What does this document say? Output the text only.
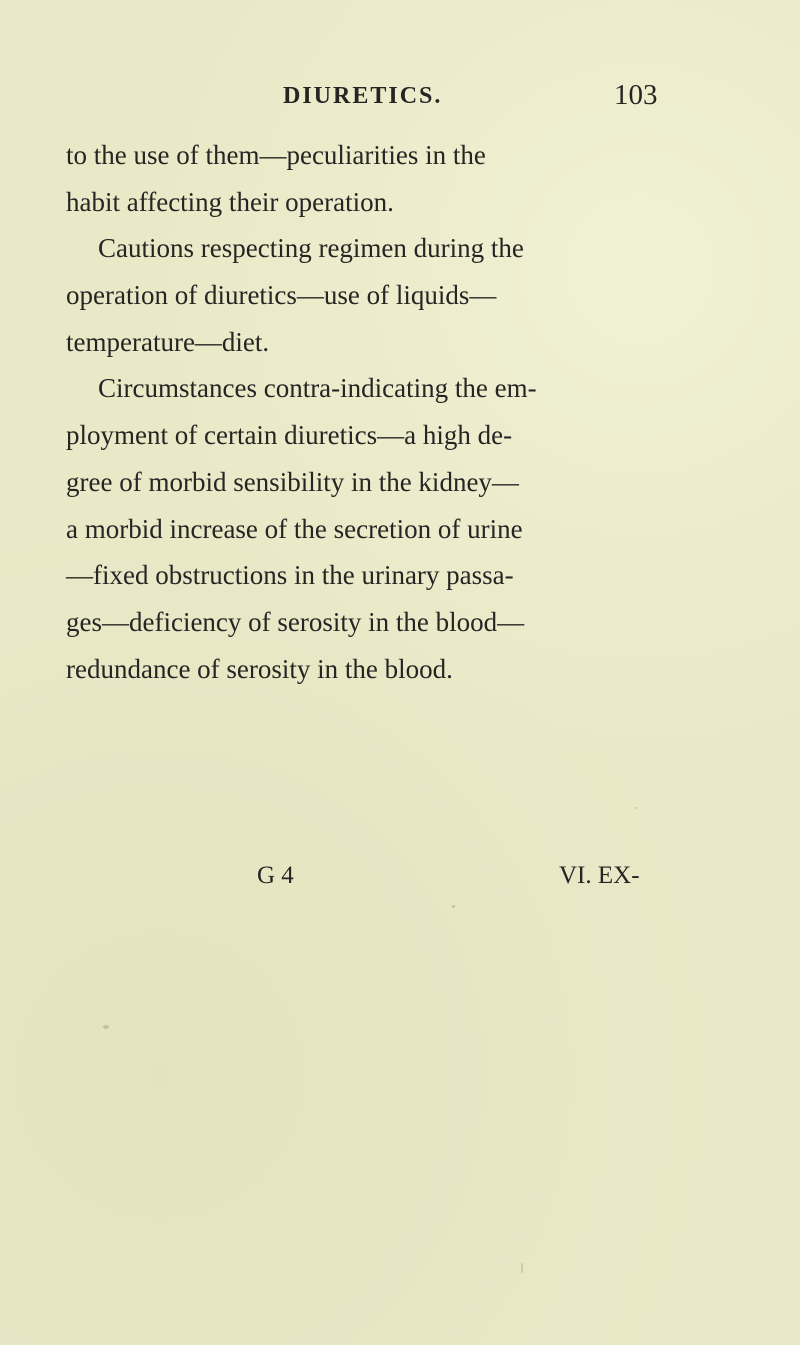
DIURETICS.	103
to the use of them—peculiarities in the
habit affecting their operation.
Cautions respecting regimen during the
operation of diuretics—use of liquids—
temperature—diet.
Circumstances contra-indicating the em-
ployment of certain diuretics—a high de-
gree of morbid sensibility in the kidney—
a morbid increase of the secretion of urine
—fixed obstructions in the urinary passa-
ges—deficiency of serosity in the blood—
redundance of serosity in the blood.
G 4	VI. EX-
